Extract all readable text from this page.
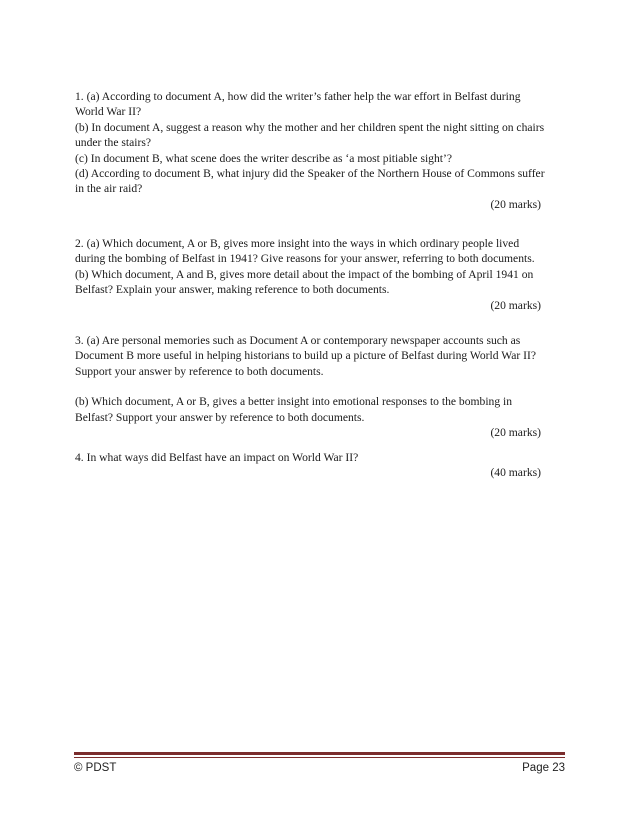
1. (a) According to document A, how did the writer’s father help the war effort in Belfast during World War II?

(b) In document A, suggest a reason why the mother and her children spent the night sitting on chairs under the stairs?

(c) In document B, what scene does the writer describe as ‘a most pitiable sight’?

(d) According to document B, what injury did the Speaker of the Northern House of Commons suffer in the air raid?

(20 marks)

2. (a) Which document, A or B, gives more insight into the ways in which ordinary people lived during the bombing of Belfast in 1941? Give reasons for your answer, referring to both documents.

(b) Which document, A and B, gives more detail about the impact of the bombing of April 1941 on Belfast? Explain your answer, making reference to both documents.

(20 marks)

3. (a) Are personal memories such as Document A or contemporary newspaper accounts such as Document B more useful in helping historians to build up a picture of Belfast during World War II? Support your answer by reference to both documents.

(b) Which document, A or B, gives a better insight into emotional responses to the bombing in Belfast? Support your answer by reference to both documents.

(20 marks)

4. In what ways did Belfast have an impact on World War II?

(40 marks)

© PDST	Page 23
